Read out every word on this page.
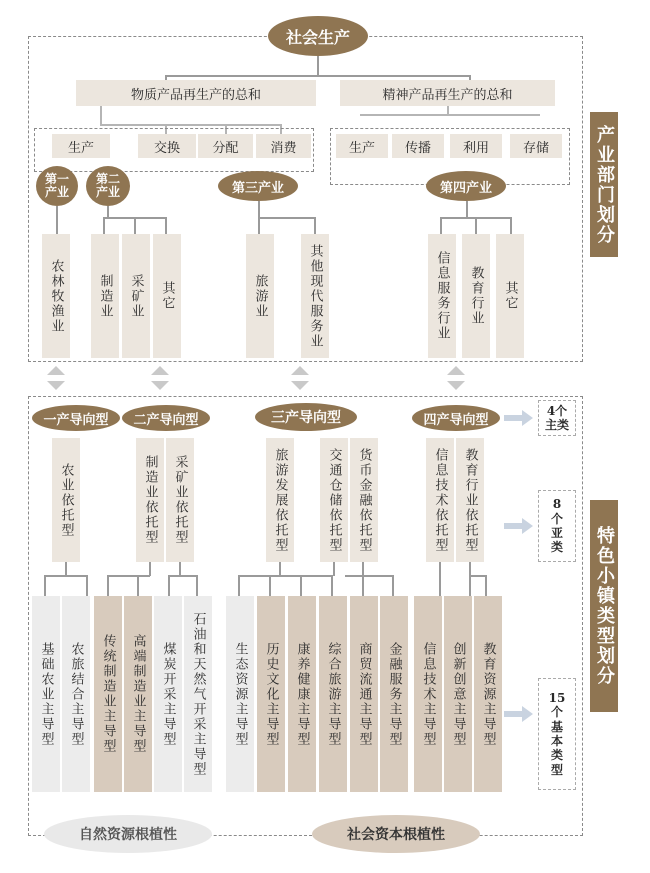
社会生产
物质产品再生产的总和	精神产品再生产的总和
生产	交换	分配	消费	生产	传播	利用	存储
第一产业
第二产业	第三产业	第四产业
农林牧渔业	制造业 采矿业 其它	旅游业	其他现代服务业	信息服务行业 教育行业 其它
产业部门划分
一产导向型	二产导向型	三产导向型	四产导向型
农业依托型	制造业依托型 采矿业依托型	旅游发展依托型	交通仓储依托型 货币金融依托型	信息技术依托型 教育行业依托型
基础农业主导型 农旅结合主导型 传统制造业主导型 高端制造业主导型 煤炭开采主导型 石油和天然气开采主导型 生态资源主导型 历史文化主导型 康养健康主导型 综合旅游主导型 商贸流通主导型 金融服务主导型 信息技术主导型 创新创意主导型 教育资源主导型
4个主类
8个亚类
15个基本类型
特色小镇类型划分
自然资源根植性	社会资本根植性
